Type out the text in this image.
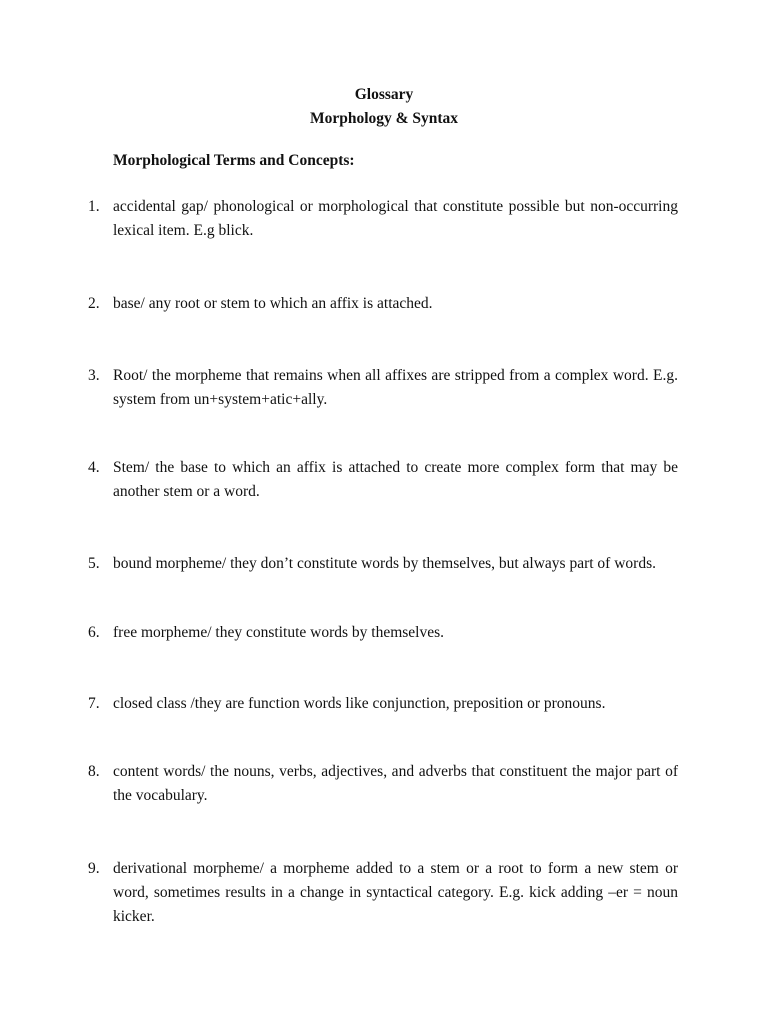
Glossary
Morphology & Syntax
Morphological Terms and Concepts:
1. accidental gap/ phonological or morphological that constitute possible but non-occurring lexical item. E.g blick.
2. base/ any root or stem to which an affix is attached.
3. Root/ the morpheme that remains when all affixes are stripped from a complex word. E.g. system from un+system+atic+ally.
4. Stem/ the base to which an affix is attached to create more complex form that may be another stem or a word.
5. bound morpheme/ they don’t constitute words by themselves, but always part of words.
6. free morpheme/ they constitute words by themselves.
7. closed class /they are function words like conjunction, preposition or pronouns.
8. content words/ the nouns, verbs, adjectives, and adverbs that constituent the major part of the vocabulary.
9. derivational morpheme/ a morpheme added to a stem or a root to form a new stem or word, sometimes results in a change in syntactical category. E.g. kick adding –er = noun kicker.
